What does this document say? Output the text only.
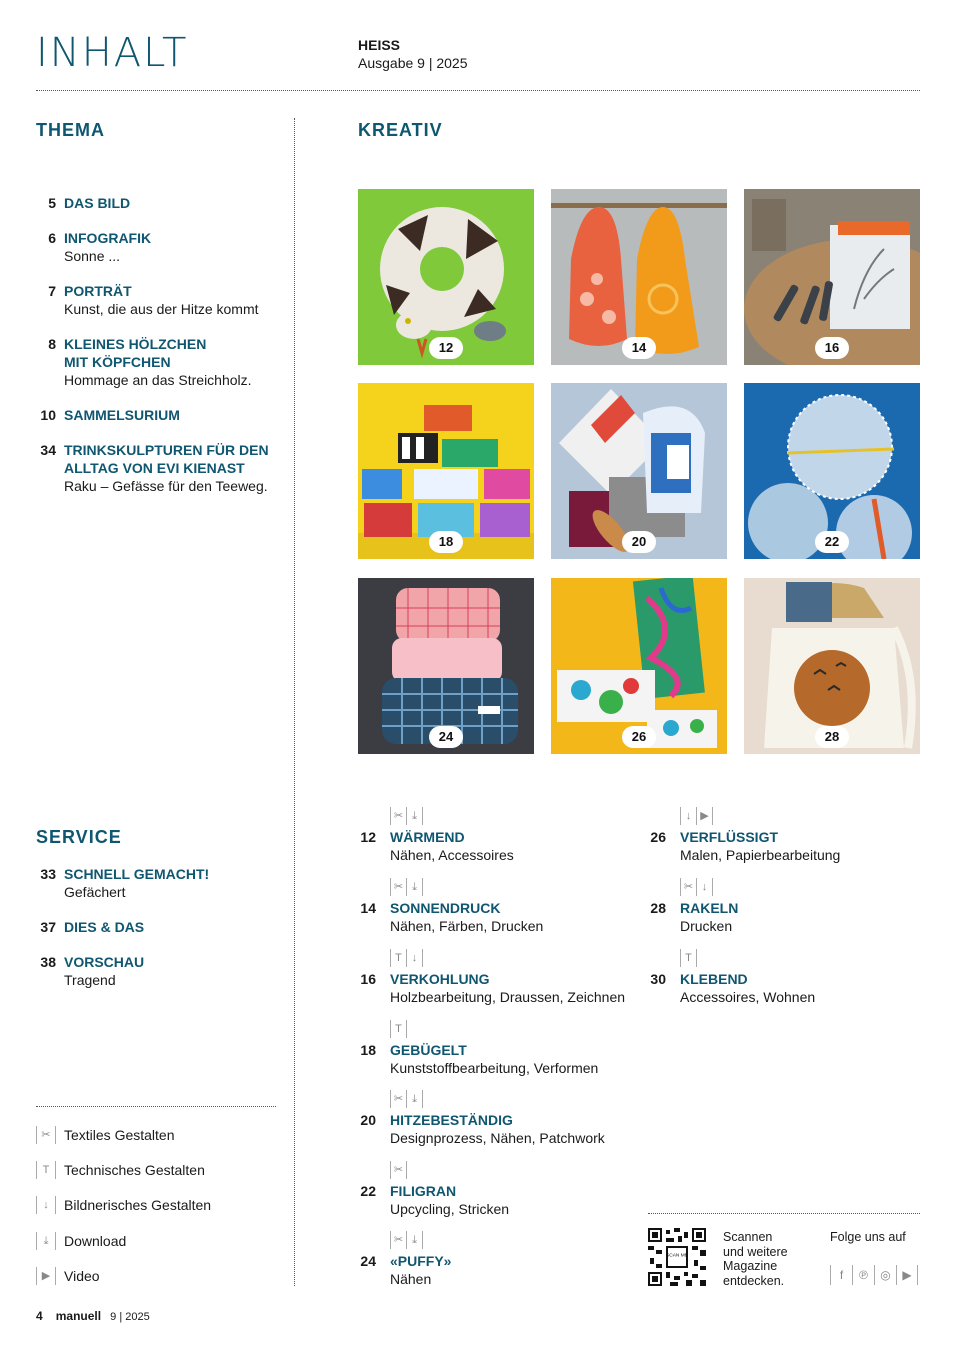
INHALT	HEISS
Ausgabe 9 | 2025
THEMA
5 DAS BILD
6 INFOGRAFIK
Sonne ...
7 PORTRÄT
Kunst, die aus der Hitze kommt
8 KLEINES HÖLZCHEN
MIT KÖPFCHEN
Hommage an das Streichholz.
10 SAMMELSURIUM
34 TRINKSKULPTUREN FÜR DEN
ALLTAG VON EVI KIENAST
Raku – Gefässe für den Teeweg.
KREATIV
12	14	16
18	20	22
24	26	28
✂ ⤓
12 WÄRMEND
Nähen, Accessoires
✂ ⤓
14 SONNENDRUCK
Nähen, Färben, Drucken
T ↓
16 VERKOHLUNG
Holzbearbeitung, Draussen, Zeichnen
T
18 GEBÜGELT
Kunststoffbearbeitung, Verformen
✂ ⤓
20 HITZEBESTÄNDIG
Designprozess, Nähen, Patchwork
✂
22 FILIGRAN
Upcycling, Stricken
✂ ⤓
24 «PUFFY»
Nähen
↓ ▶
26 VERFLÜSSIGT
Malen, Papierbearbeitung
✂ ↓
28 RAKELN
Drucken
T
30 KLEBEND
Accessoires, Wohnen
SERVICE
33 SCHNELL GEMACHT!
Gefächert
37 DIES & DAS
38 VORSCHAU
Tragend
✂ Textiles Gestalten
T	Technisches Gestalten
↓	Bildnerisches Gestalten
⤓	Download
▶ Video
SCAN ME
Scannen
und weitere
Magazine
entdecken.
Folge uns auf
f	℗	◎ ▶
4 manuell 9 | 2025
